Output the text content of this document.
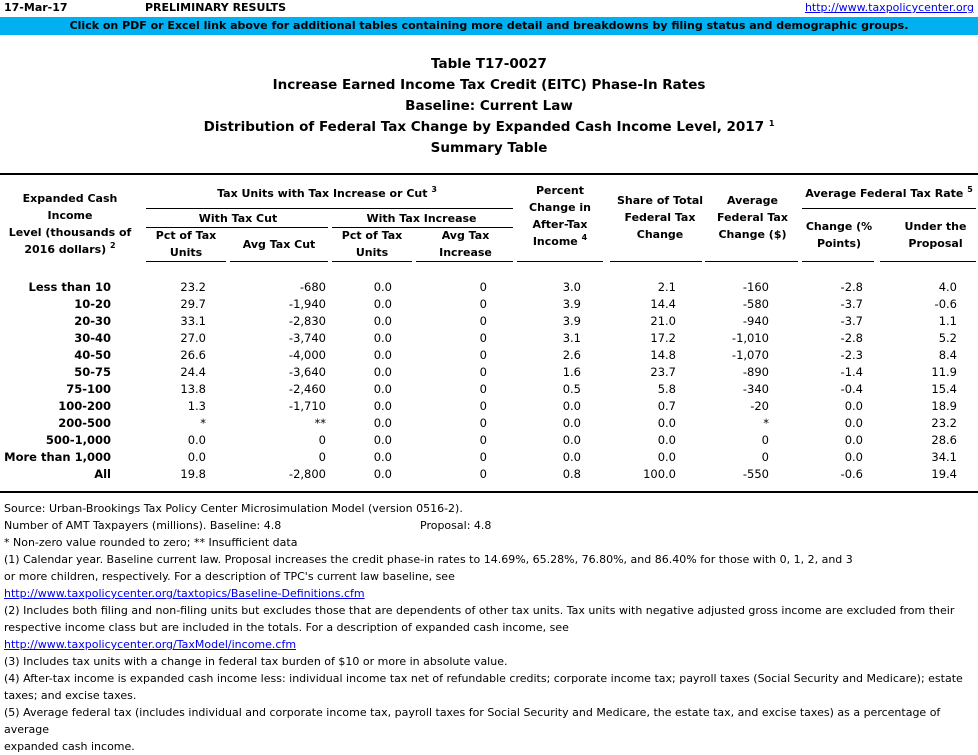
17-Mar-17	PRELIMINARY RESULTS	http://www.taxpolicycenter.org
Click on PDF or Excel link above for additional tables containing more detail and breakdowns by filing status and demographic groups.
Table T17-0027
Increase Earned Income Tax Credit (EITC) Phase-In Rates
Baseline: Current Law
Distribution of Federal Tax Change by Expanded Cash Income Level, 2017 $^1$
Summary Table
Expanded Cash Income
Level (thousands of
2016 dollars) $^2$
Tax Units with Tax Increase or Cut $^3$
With Tax Cut	With Tax Increase
Pct of Tax
Units
Avg Tax Cut
Pct of Tax
Units
Avg Tax
Increase
Percent
Change in
After-Tax
Income $^4$
Share of Total
Federal Tax
Change
Average
Federal Tax
Change ($)
Average Federal Tax Rate $^5$
Change (%
Points)
Under the
Proposal
Less than 10	23.2	-680	0.0	0	3.0	2.1	-160	-2.8	4.0
10-20	29.7	-1,940	0.0	0	3.9	14.4	-580	-3.7	-0.6
20-30	33.1	-2,830	0.0	0	3.9	21.0	-940	-3.7	1.1
30-40	27.0	-3,740	0.0	0	3.1	17.2	-1,010	-2.8	5.2
40-50	26.6	-4,000	0.0	0	2.6	14.8	-1,070	-2.3	8.4
50-75	24.4	-3,640	0.0	0	1.6	23.7	-890	-1.4	11.9
75-100	13.8	-2,460	0.0	0	0.5	5.8	-340	-0.4	15.4
100-200	1.3	-1,710	0.0	0	0.0	0.7	-20	0.0	18.9
200-500	*	**	0.0	0	0.0	0.0	*	0.0	23.2
500-1,000	0.0	0	0.0	0	0.0	0.0	0	0.0	28.6
More than 1,000	0.0	0	0.0	0	0.0	0.0	0	0.0	34.1
All	19.8	-2,800	0.0	0	0.8	100.0	-550	-0.6	19.4
Source: Urban-Brookings Tax Policy Center Microsimulation Model (version 0516-2).
Number of AMT Taxpayers (millions). Baseline: 4.8	Proposal: 4.8
* Non-zero value rounded to zero; ** Insufficient data
(1) Calendar year. Baseline current law. Proposal increases the credit phase-in rates to 14.69%, 65.28%, 76.80%, and 86.40% for those with 0, 1, 2, and 3
or more children, respectively. For a description of TPC's current law baseline, see
http://www.taxpolicycenter.org/taxtopics/Baseline-Definitions.cfm
(2) Includes both filing and non-filing units but excludes those that are dependents of other tax units. Tax units with negative adjusted gross income are excluded from their
respective income class but are included in the totals. For a description of expanded cash income, see
http://www.taxpolicycenter.org/TaxModel/income.cfm
(3) Includes tax units with a change in federal tax burden of $10 or more in absolute value.
(4) After-tax income is expanded cash income less: individual income tax net of refundable credits; corporate income tax; payroll taxes (Social Security and Medicare); estate
taxes; and excise taxes.
(5) Average federal tax (includes individual and corporate income tax, payroll taxes for Social Security and Medicare, the estate tax, and excise taxes) as a percentage of average
expanded cash income.
